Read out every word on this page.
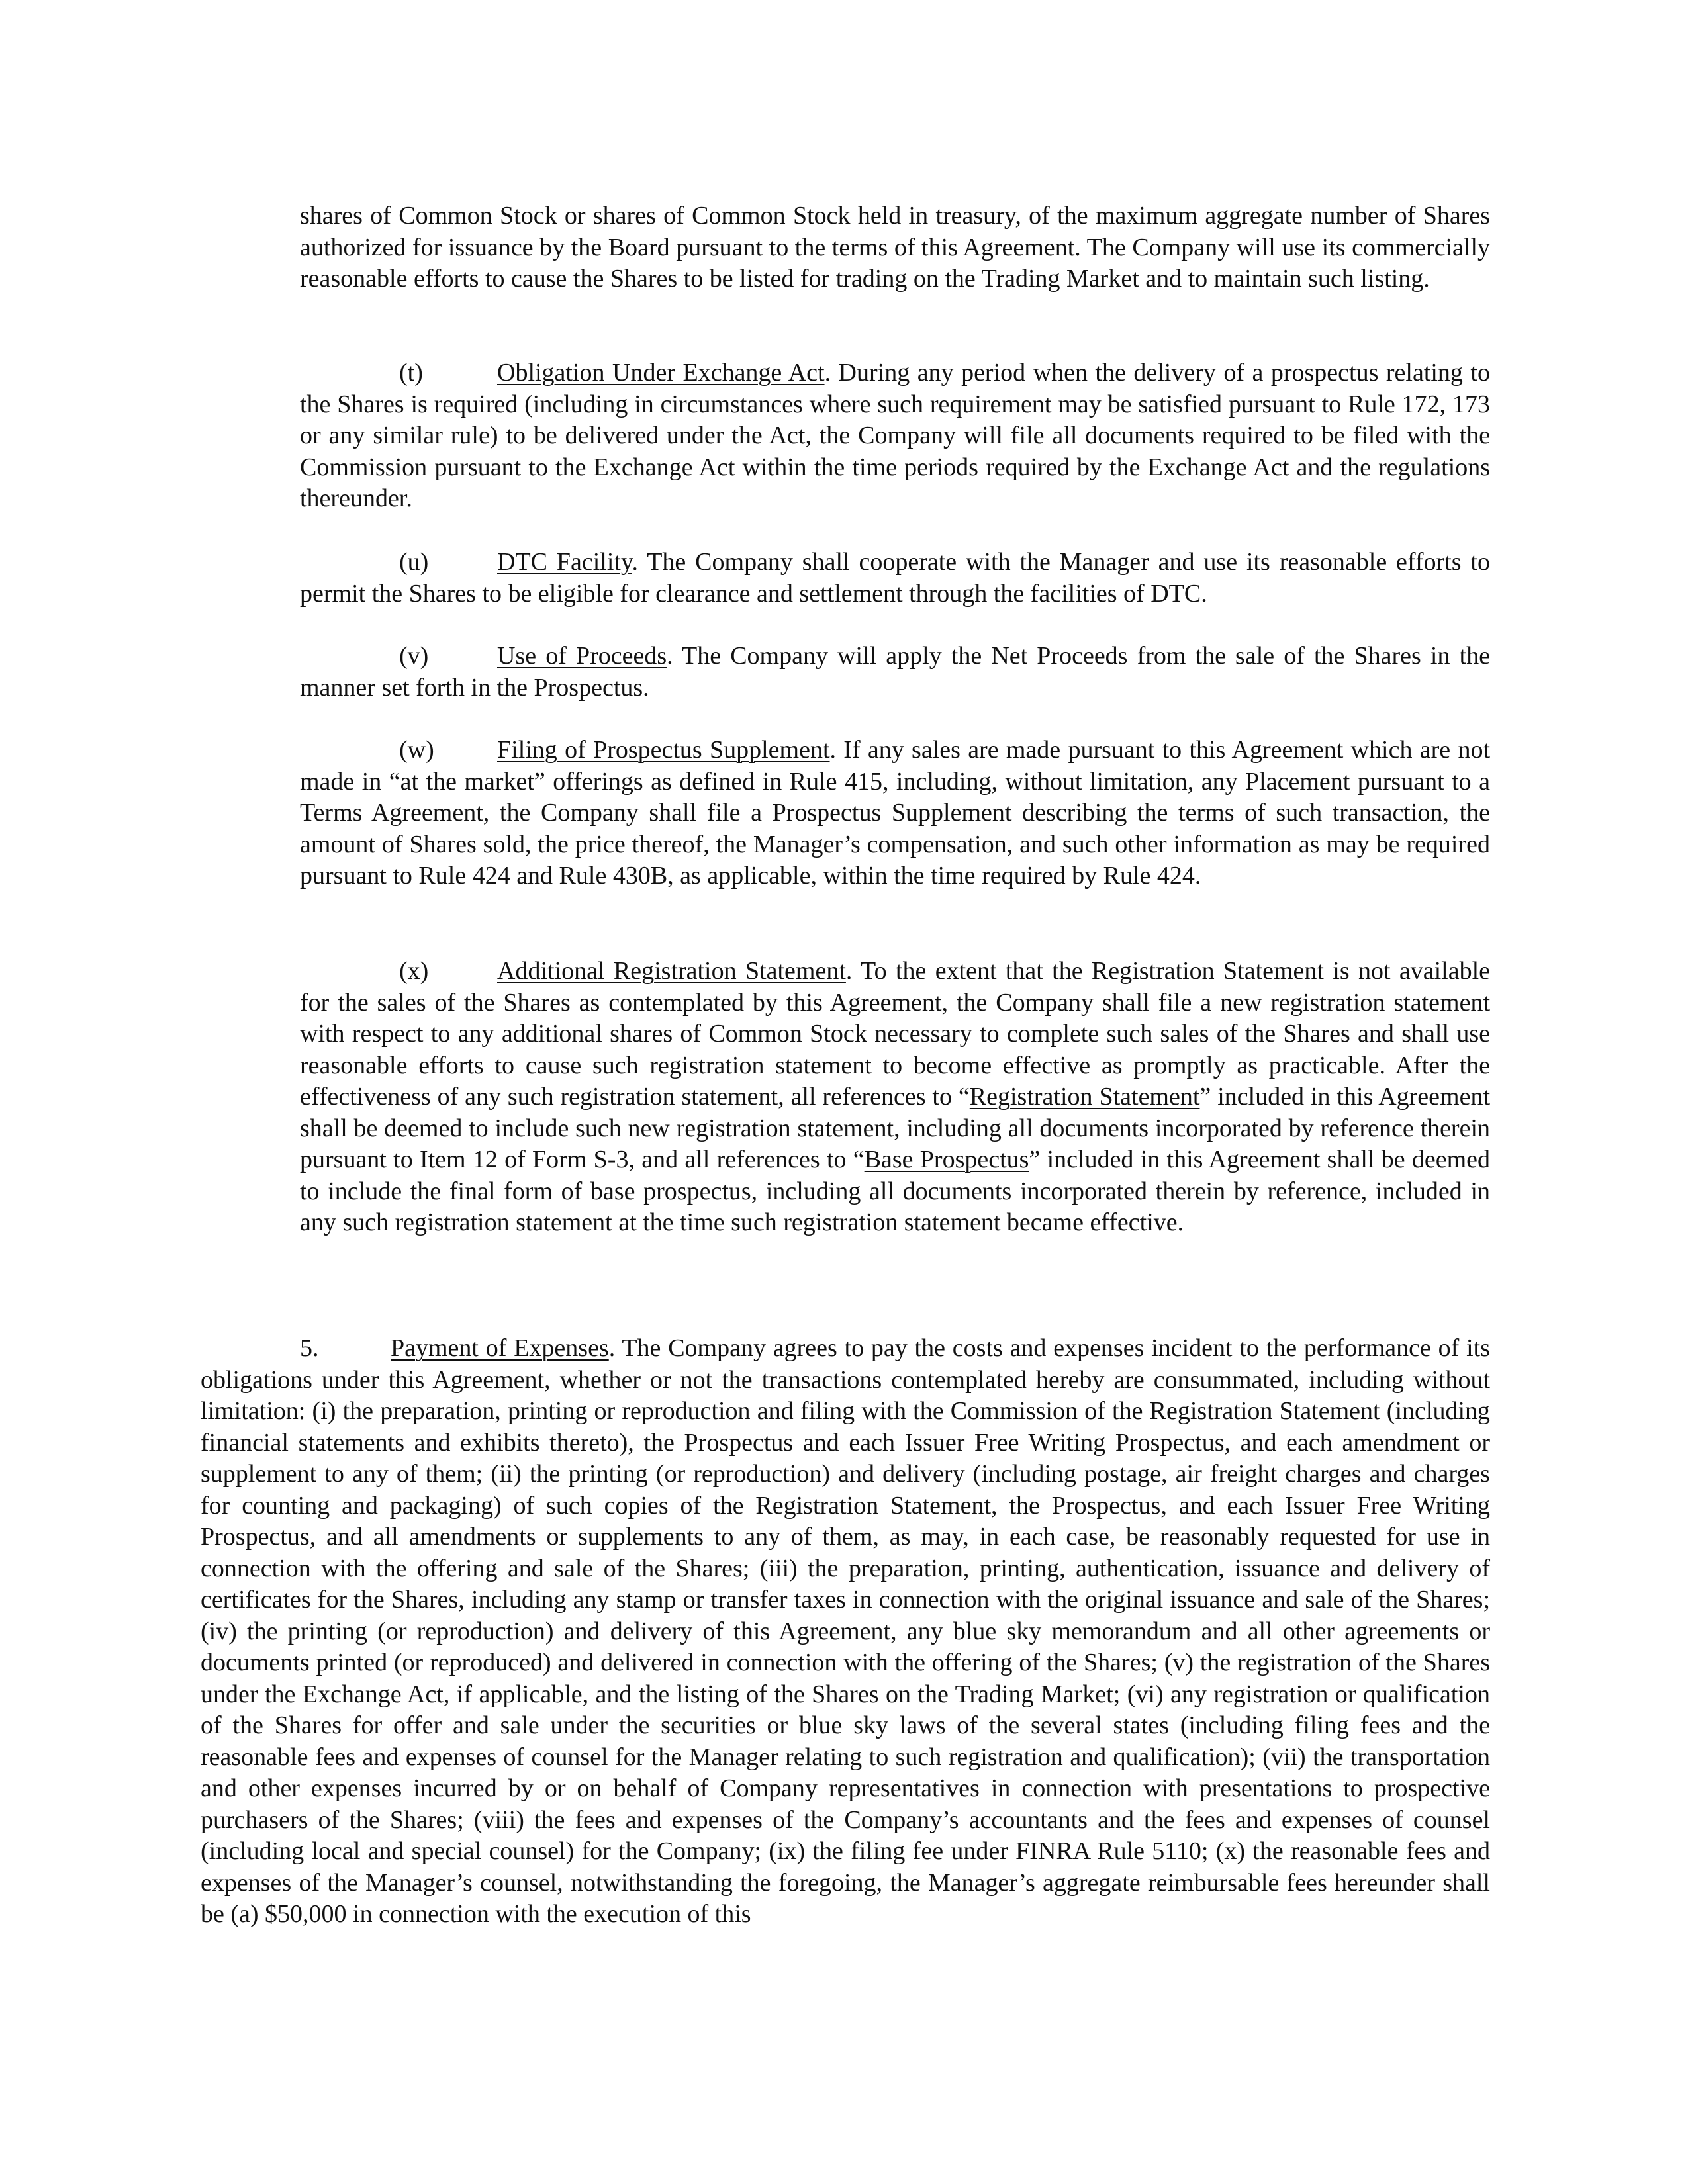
shares of Common Stock or shares of Common Stock held in treasury, of the maximum aggregate number of Shares authorized for issuance by the Board pursuant to the terms of this Agreement. The Company will use its commercially reasonable efforts to cause the Shares to be listed for trading on the Trading Market and to maintain such listing.
(t)	Obligation Under Exchange Act. During any period when the delivery of a prospectus relating to the Shares is required (including in circumstances where such requirement may be satisfied pursuant to Rule 172, 173 or any similar rule) to be delivered under the Act, the Company will file all documents required to be filed with the Commission pursuant to the Exchange Act within the time periods required by the Exchange Act and the regulations thereunder.
(u)	DTC Facility. The Company shall cooperate with the Manager and use its reasonable efforts to permit the Shares to be eligible for clearance and settlement through the facilities of DTC.
(v)	Use of Proceeds. The Company will apply the Net Proceeds from the sale of the Shares in the manner set forth in the Prospectus.
(w)	Filing of Prospectus Supplement. If any sales are made pursuant to this Agreement which are not made in “at the market” offerings as defined in Rule 415, including, without limitation, any Placement pursuant to a Terms Agreement, the Company shall file a Prospectus Supplement describing the terms of such transaction, the amount of Shares sold, the price thereof, the Manager’s compensation, and such other information as may be required pursuant to Rule 424 and Rule 430B, as applicable, within the time required by Rule 424.
(x)	Additional Registration Statement. To the extent that the Registration Statement is not available for the sales of the Shares as contemplated by this Agreement, the Company shall file a new registration statement with respect to any additional shares of Common Stock necessary to complete such sales of the Shares and shall use reasonable efforts to cause such registration statement to become effective as promptly as practicable. After the effectiveness of any such registration statement, all references to “Registration Statement” included in this Agreement shall be deemed to include such new registration statement, including all documents incorporated by reference therein pursuant to Item 12 of Form S-3, and all references to “Base Prospectus” included in this Agreement shall be deemed to include the final form of base prospectus, including all documents incorporated therein by reference, included in any such registration statement at the time such registration statement became effective.
5.	Payment of Expenses. The Company agrees to pay the costs and expenses incident to the performance of its obligations under this Agreement, whether or not the transactions contemplated hereby are consummated, including without limitation: (i) the preparation, printing or reproduction and filing with the Commission of the Registration Statement (including financial statements and exhibits thereto), the Prospectus and each Issuer Free Writing Prospectus, and each amendment or supplement to any of them; (ii) the printing (or reproduction) and delivery (including postage, air freight charges and charges for counting and packaging) of such copies of the Registration Statement, the Prospectus, and each Issuer Free Writing Prospectus, and all amendments or supplements to any of them, as may, in each case, be reasonably requested for use in connection with the offering and sale of the Shares; (iii) the preparation, printing, authentication, issuance and delivery of certificates for the Shares, including any stamp or transfer taxes in connection with the original issuance and sale of the Shares; (iv) the printing (or reproduction) and delivery of this Agreement, any blue sky memorandum and all other agreements or documents printed (or reproduced) and delivered in connection with the offering of the Shares; (v) the registration of the Shares under the Exchange Act, if applicable, and the listing of the Shares on the Trading Market; (vi) any registration or qualification of the Shares for offer and sale under the securities or blue sky laws of the several states (including filing fees and the reasonable fees and expenses of counsel for the Manager relating to such registration and qualification); (vii) the transportation and other expenses incurred by or on behalf of Company representatives in connection with presentations to prospective purchasers of the Shares; (viii) the fees and expenses of the Company’s accountants and the fees and expenses of counsel (including local and special counsel) for the Company; (ix) the filing fee under FINRA Rule 5110; (x) the reasonable fees and expenses of the Manager’s counsel, notwithstanding the foregoing, the Manager’s aggregate reimbursable fees hereunder shall be (a) $50,000 in connection with the execution of this
